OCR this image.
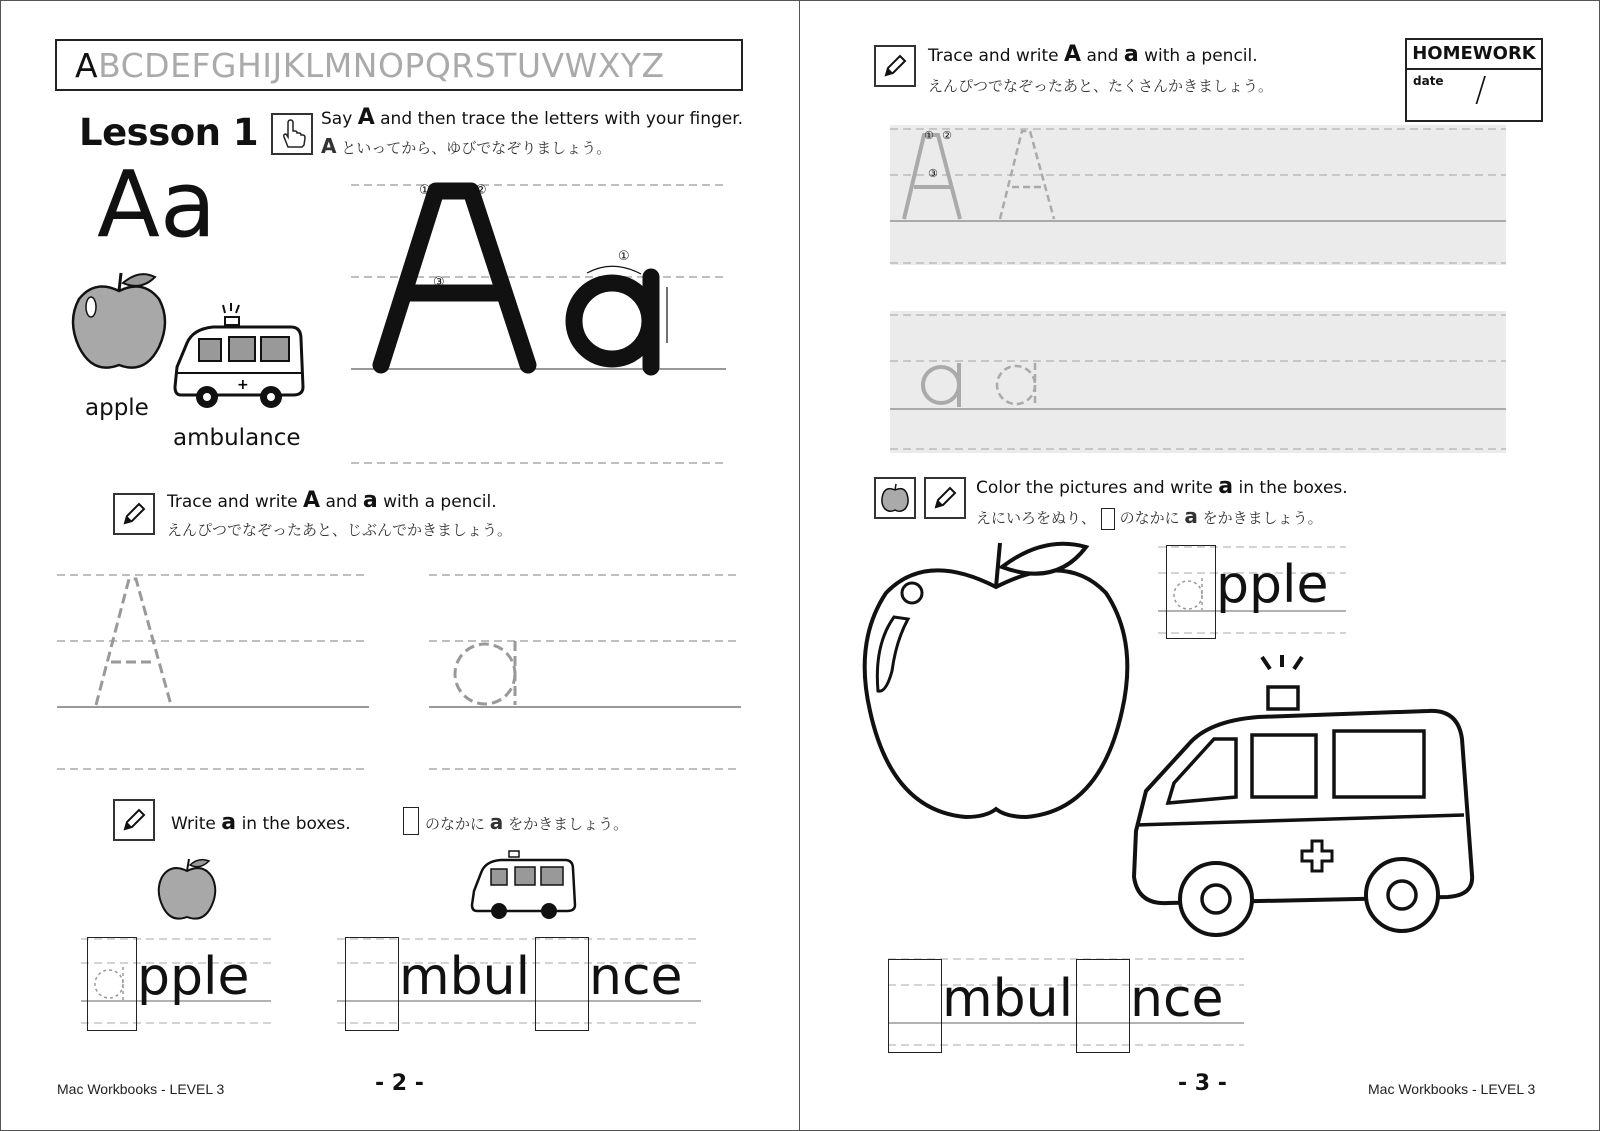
A BCDEFGHIJKLMNOPQRSTUVWXYZ
Lesson 1
Aa
Say A and then trace the letters with your finger.
A といってから、ゆびでなぞりましょう。
①	②
③
①
apple
+
ambulance
Trace and write A and a with a pencil.
えんぴつでなぞったあと、じぶんでかきましょう。
Write a in the boxes.	のなかに a をかきましょう。
pple	mbul nce
Mac Workbooks - LEVEL 3	- 2 -
Trace and write A and a with a pencil.
えんぴつでなぞったあと、たくさんかきましょう。
HOMEWORK
date /
① ②
③
Color the pictures and write a in the boxes.
えにいろをぬり、 のなかに a をかきましょう。
pple
mbul nce
- 3 -	Mac Workbooks - LEVEL 3
